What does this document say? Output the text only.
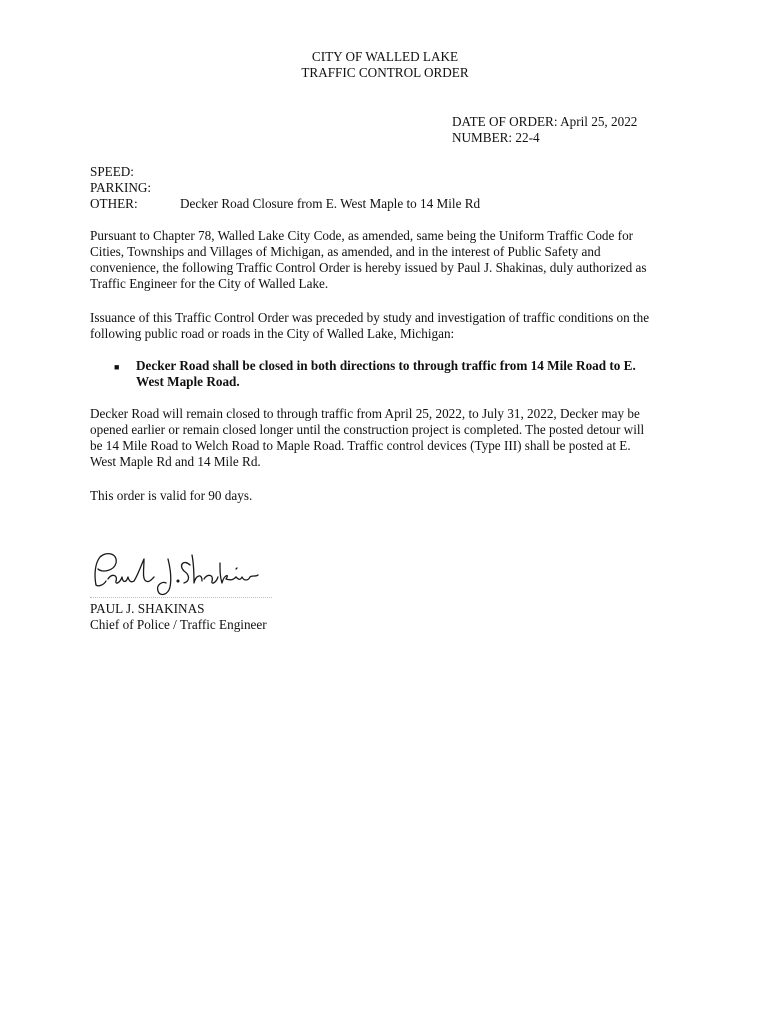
CITY OF WALLED LAKE
TRAFFIC CONTROL ORDER
DATE OF ORDER: April 25, 2022
NUMBER: 22-4
SPEED:
PARKING:
OTHER:	Decker Road Closure from E. West Maple to 14 Mile Rd
Pursuant to Chapter 78, Walled Lake City Code, as amended, same being the Uniform Traffic Code for
Cities, Townships and Villages of Michigan, as amended, and in the interest of Public Safety and
convenience, the following Traffic Control Order is hereby issued by Paul J. Shakinas, duly authorized as
Traffic Engineer for the City of Walled Lake.
Issuance of this Traffic Control Order was preceded by study and investigation of traffic conditions on the
following public road or roads in the City of Walled Lake, Michigan:
■ Decker Road shall be closed in both directions to through traffic from 14 Mile Road to E.
West Maple Road.
Decker Road will remain closed to through traffic from April 25, 2022, to July 31, 2022, Decker may be
opened earlier or remain closed longer until the construction project is completed. The posted detour will
be 14 Mile Road to Welch Road to Maple Road. Traffic control devices (Type III) shall be posted at E.
West Maple Rd and 14 Mile Rd.
This order is valid for 90 days.
PAUL J. SHAKINAS
Chief of Police / Traffic Engineer
